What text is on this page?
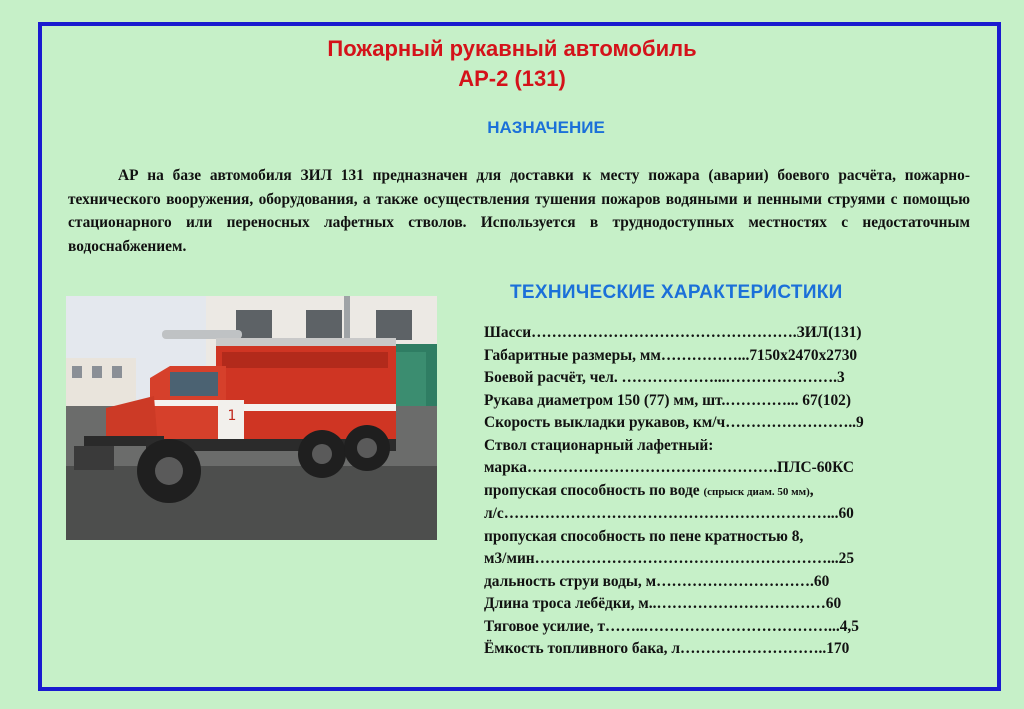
Пожарный рукавный автомобиль
АР-2 (131)
НАЗНАЧЕНИЕ
АР на базе автомобиля ЗИЛ 131 предназначен для доставки к месту пожара (аварии) боевого расчёта, пожарно-технического вооружения, оборудования, а также осуществления тушения пожаров водяными и пенными струями с помощью стационарного или переносных лафетных стволов. Используется в труднодоступных местностях с недостаточным водоснабжением.
1
ТЕХНИЧЕСКИЕ ХАРАКТЕРИСТИКИ
Шасси…………………………………………….ЗИЛ(131)
Габаритные размеры, мм……………...7150х2470х2730
Боевой расчёт, чел. ………………...………………….3
Рукава диаметром 150 (77) мм, шт.…………... 67(102)
Скорость выкладки рукавов, км/ч……………………..9
Ствол стационарный лафетный:
марка………………………………………….ПЛС-60КС
пропуская способность по воде (спрыск диам. 50 мм),
л/с………………………………………………………...60
пропуская способность по пене кратностью 8,
м3/мин…………………………………………………...25
дальность струи воды, м………………………….60
Длина троса лебёдки, м..……………………………60
Тяговое усилие, т……..………………………………...4,5
Ёмкость топливного бака, л………………………..170
